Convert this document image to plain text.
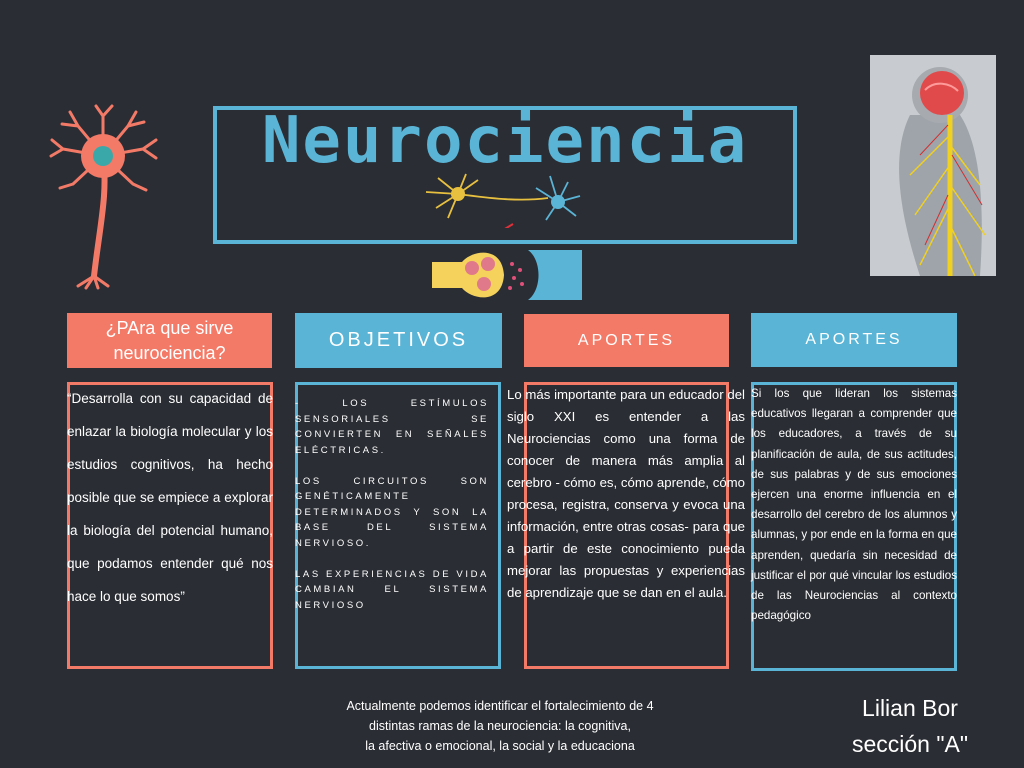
Neurociencia
¿PAra que sirve neurociencia?
OBJETIVOS	APORTES	APORTES

“Desarrolla con su capacidad de enlazar la biología molecular y los estudios cognitivos, ha hecho posible que se empiece a explorar la biología del potencial humano, que podamos entender qué nos hace lo que somos”

- LOS ESTÍMULOS SENSORIALES SE CONVIERTEN EN SEÑALES ELÉCTRICAS.

LOS CIRCUITOS SON GENÉTICAMENTE DETERMINADOS Y SON LA BASE DEL SISTEMA NERVIOSO.

LAS EXPERIENCIAS DE VIDA CAMBIAN EL SISTEMA NERVIOSO

Lo más importante para un educador del siglo XXI es entender a las Neurociencias como una forma de conocer de manera más amplia al cerebro - cómo es, cómo aprende, cómo procesa, registra, conserva y evoca una información, entre otras cosas- para que a partir de este conocimiento pueda mejorar las propuestas y experiencias de aprendizaje que se dan en el aula.

Si los que lideran los sistemas educativos llegaran a comprender que los educadores, a través de su planificación de aula, de sus actitudes, de sus palabras y de sus emociones ejercen una enorme influencia en el desarrollo del cerebro de los alumnos y alumnas, y por ende en la forma en que aprenden, quedaría sin necesidad de justificar el por qué vincular los estudios de las Neurociencias al contexto pedagógico

Actualmente podemos identificar el fortalecimiento de 4
distintas ramas de la neurociencia: la cognitiva,
la afectiva o emocional, la social y la educaciona
Lilian Bor
sección "A"
